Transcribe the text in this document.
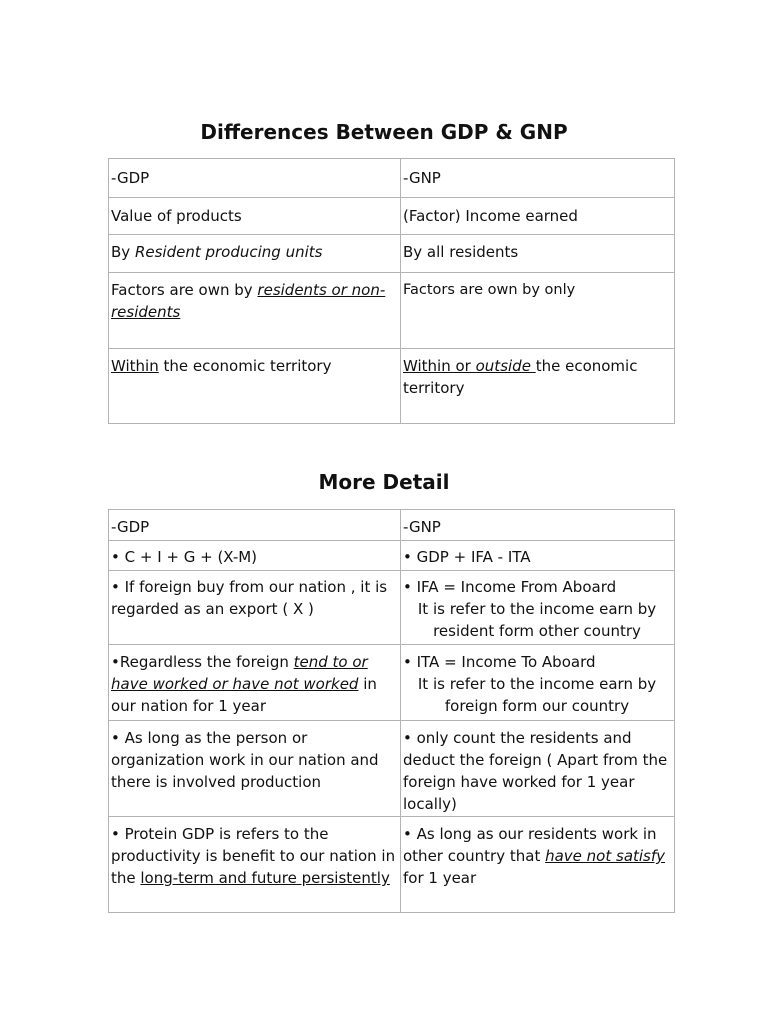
Differences Between GDP & GNP
-GDP	-GNP
Value of products	(Factor) Income earned
By Resident producing units	By all residents
Factors are own by residents or non-residents	Factors are own by only
Within the economic territory	Within or outside the economic territory
More Detail
-GDP	-GNP
• C + I + G + (X-M)	• GDP + IFA - ITA
• If foreign buy from our nation , it is regarded as an export ( X )	• IFA = Income From Aboard
It is refer to the income earn by resident form other country

•Regardless the foreign tend to or have worked or have not worked in our nation for 1 year	• ITA = Income To Aboard
It is refer to the income earn by foreign form our country

• As long as the person or organization work in our nation and there is involved production	• only count the residents and deduct the foreign ( Apart from the foreign have worked for 1 year locally)
• Protein GDP is refers to the productivity is benefit to our nation in the long-term and future persistently	• As long as our residents work in other country that have not satisfy for 1 year
